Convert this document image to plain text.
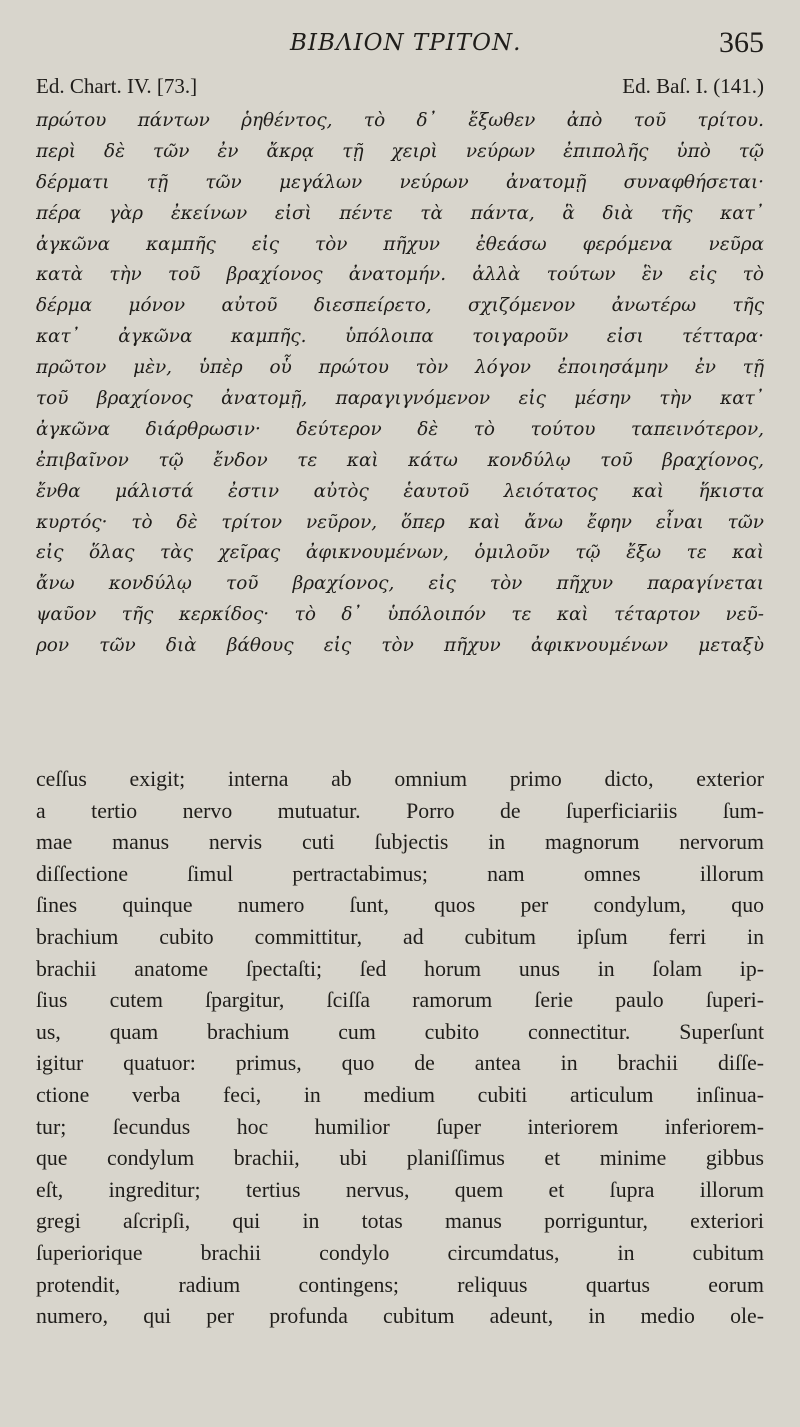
ΒΙΒΛΙΟΝ ΤΡΙΤΟΝ.	365
Ed. Chart. IV. [73.]	Ed. Baſ. I. (141.)
πρώτου πάντων ῥηθέντος, τὸ δ᾽ ἔξωθεν ἀπὸ τοῦ τρίτου.
περὶ δὲ τῶν ἐν ἄκρᾳ τῇ χειρὶ νεύρων ἐπιπολῆς ὑπὸ τῷ
δέρματι τῇ τῶν μεγάλων νεύρων ἀνατομῇ συναφθήσεται·
πέρα γὰρ ἐκείνων εἰσὶ πέντε τὰ πάντα, ἃ διὰ τῆς κατ᾽
ἀγκῶνα καμπῆς εἰς τὸν πῆχυν ἐθεάσω φερόμενα νεῦρα
κατὰ τὴν τοῦ βραχίονος ἀνατομήν. ἀλλὰ τούτων ἓν εἰς τὸ
δέρμα μόνον αὐτοῦ διεσπείρετο, σχιζόμενον ἀνωτέρω τῆς
κατ᾽ ἀγκῶνα καμπῆς. ὑπόλοιπα τοιγαροῦν εἰσι τέτταρα·
πρῶτον μὲν, ὑπὲρ οὗ πρώτου τὸν λόγον ἐποιησάμην ἐν τῇ
τοῦ βραχίονος ἀνατομῇ, παραγιγνόμενον εἰς μέσην τὴν κατ᾽
ἀγκῶνα διάρθρωσιν· δεύτερον δὲ τὸ τούτου ταπεινότερον,
ἐπιβαῖνον τῷ ἔνδον τε καὶ κάτω κονδύλῳ τοῦ βραχίονος,
ἔνθα μάλιστά ἐστιν αὐτὸς ἑαυτοῦ λειότατος καὶ ἥκιστα
κυρτός· τὸ δὲ τρίτον νεῦρον, ὅπερ καὶ ἄνω ἔφην εἶναι τῶν
εἰς ὅλας τὰς χεῖρας ἀφικνουμένων, ὁμιλοῦν τῷ ἔξω τε καὶ
ἄνω κονδύλῳ τοῦ βραχίονος, εἰς τὸν πῆχυν παραγίνεται
ψαῦον τῆς κερκίδος· τὸ δ᾽ ὑπόλοιπόν τε καὶ τέταρτον νεῦ-
ρον τῶν διὰ βάθους εἰς τὸν πῆχυν ἀφικνουμένων μεταξὺ
ceſſus exigit; interna ab omnium primo dicto, exterior
a tertio nervo mutuatur. Porro de ſuperficiariis ſum-
mae manus nervis cuti ſubjectis in magnorum nervorum
diſſectione ſimul pertractabimus; nam omnes illorum
ſines quinque numero ſunt, quos per condylum, quo
brachium cubito committitur, ad cubitum ipſum ferri in
brachii anatome ſpectaſti; ſed horum unus in ſolam ip-
ſius cutem ſpargitur, ſciſſa ramorum ſerie paulo ſuperi-
us, quam brachium cum cubito connectitur. Superſunt
igitur quatuor: primus, quo de antea in brachii diſſe-
ctione verba feci, in medium cubiti articulum inſinua-
tur; ſecundus hoc humilior ſuper interiorem inferiorem-
que condylum brachii, ubi planiſſimus et minime gibbus
eſt, ingreditur; tertius nervus, quem et ſupra illorum
gregi aſcripſi, qui in totas manus porriguntur, exteriori
ſuperiorique brachii condylo circumdatus, in cubitum
protendit, radium contingens; reliquus quartus eorum
numero, qui per profunda cubitum adeunt, in medio ole-
